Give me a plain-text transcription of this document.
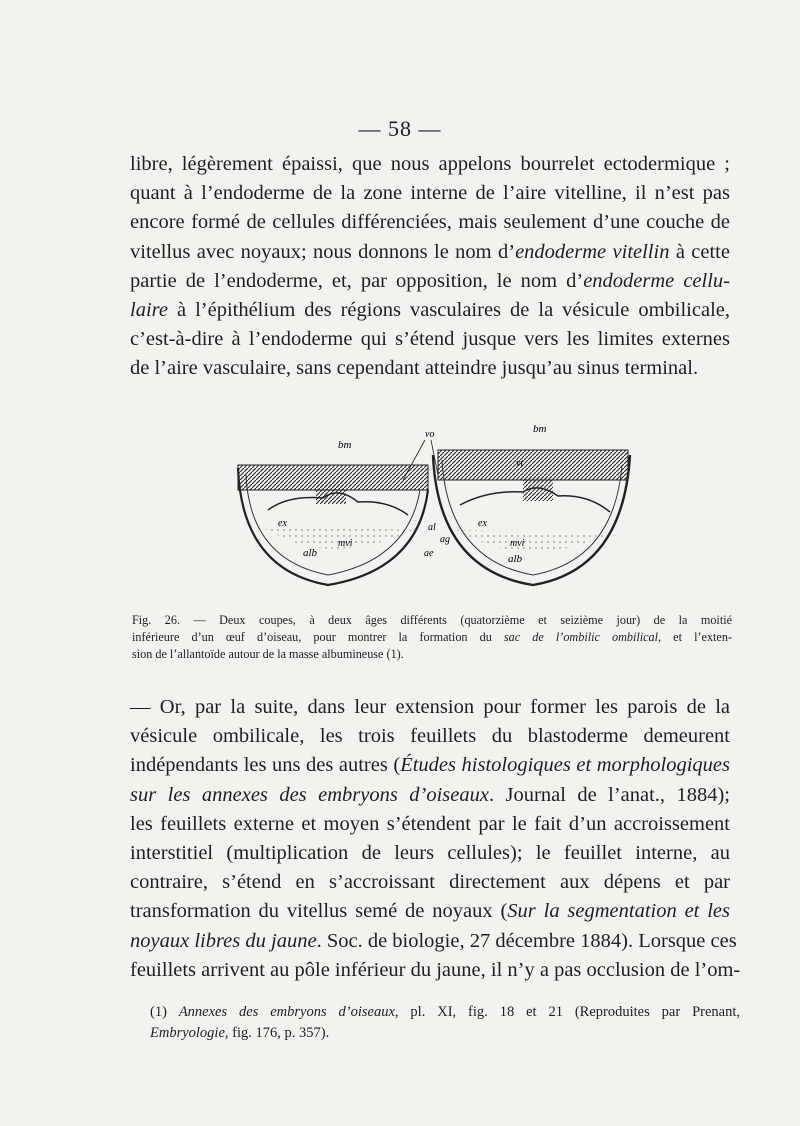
— 58 —
libre, légèrement épaissi, que nous appelons bourrelet ectodermique ;
quant à l’endoderme de la zone interne de l’aire vitelline, il n’est pas
encore formé de cellules différenciées, mais seulement d’une couche de
vitellus avec noyaux; nous donnons le nom d’endoderme vitellin à cette
partie de l’endoderme, et, par opposition, le nom d’endoderme cellu-
laire à l’épithélium des régions vasculaires de la vésicule ombilicale,
c’est-à-dire à l’endoderme qui s’étend jusque vers les limites externes
de l’aire vasculaire, sans cependant atteindre jusqu’au sinus terminal.
bm
vo	bm
vt
ex	al
ag
ae
alb
mvi
ex
mvi
alb
Fig. 26. — Deux coupes, à deux âges différents (quatorzième et seizième jour) de la moitié
inférieure d’un œuf d’oiseau, pour montrer la formation du sac de l’ombilic ombilical, et l’exten-
sion de l’allantoïde autour de la masse albumineuse (1).
— Or, par la suite, dans leur extension pour former les parois de la
vésicule ombilicale, les trois feuillets du blastoderme demeurent
indépendants les uns des autres (Études histologiques et morphologiques
sur les annexes des embryons d’oiseaux. Journal de l’anat., 1884);
les feuillets externe et moyen s’étendent par le fait d’un accroissement
interstitiel (multiplication de leurs cellules); le feuillet interne, au
contraire, s’étend en s’accroissant directement aux dépens et par
transformation du vitellus semé de noyaux (Sur la segmentation et les
noyaux libres du jaune. Soc. de biologie, 27 décembre 1884). Lorsque ces
feuillets arrivent au pôle inférieur du jaune, il n’y a pas occlusion de l’om-
(1) Annexes des embryons d’oiseaux, pl. XI, fig. 18 et 21 (Reproduites par Prenant,
Embryologie, fig. 176, p. 357).
